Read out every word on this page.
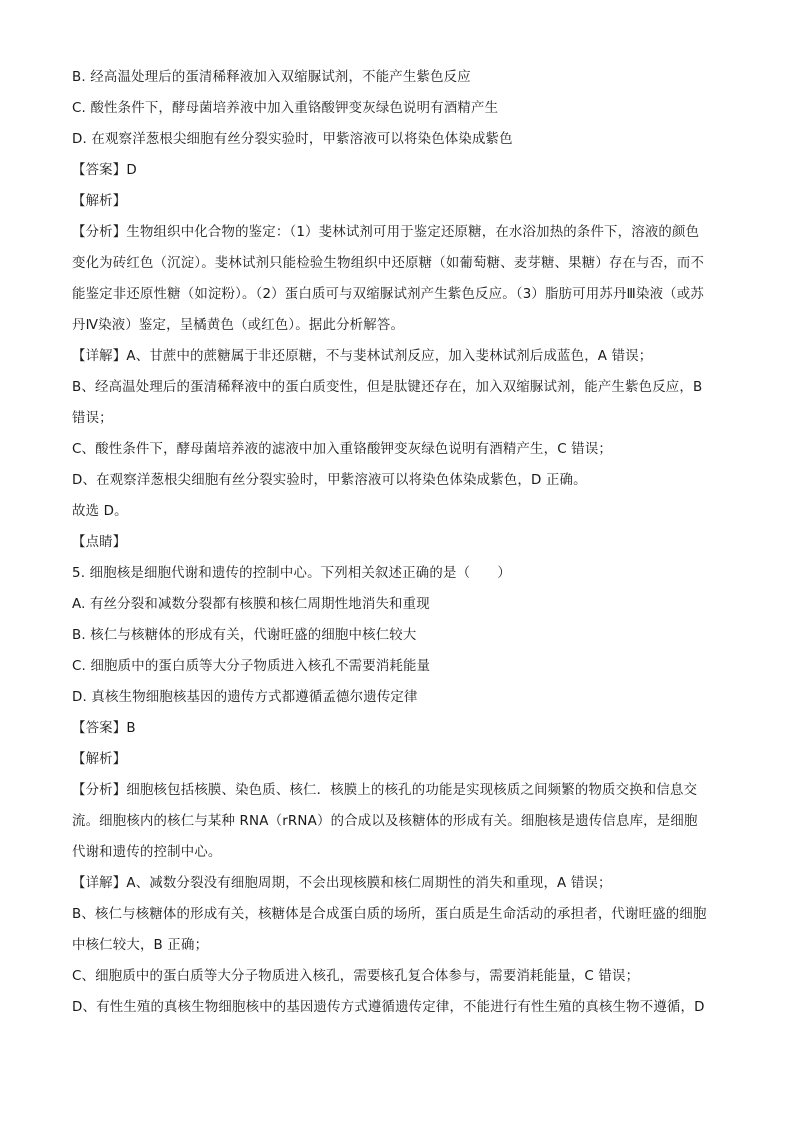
B. 经高温处理后的蛋清稀释液加入双缩脲试剂，不能产生紫色反应
C. 酸性条件下，酵母菌培养液中加入重铬酸钾变灰绿色说明有酒精产生
D. 在观察洋葱根尖细胞有丝分裂实验时，甲紫溶液可以将染色体染成紫色
【答案】D
【解析】
【分析】生物组织中化合物的鉴定：（1）斐林试剂可用于鉴定还原糖，在水浴加热的条件下，溶液的颜色
变化为砖红色（沉淀）。斐林试剂只能检验生物组织中还原糖（如葡萄糖、麦芽糖、果糖）存在与否，而不
能鉴定非还原性糖（如淀粉）。（2）蛋白质可与双缩脲试剂产生紫色反应。（3）脂肪可用苏丹Ⅲ染液（或苏
丹Ⅳ染液）鉴定，呈橘黄色（或红色）。据此分析解答。
【详解】A、甘蔗中的蔗糖属于非还原糖，不与斐林试剂反应，加入斐林试剂后成蓝色，A 错误；
B、经高温处理后的蛋清稀释液中的蛋白质变性，但是肽键还存在，加入双缩脲试剂，能产生紫色反应，B
错误；
C、酸性条件下，酵母菌培养液的滤液中加入重铬酸钾变灰绿色说明有酒精产生，C 错误；
D、在观察洋葱根尖细胞有丝分裂实验时，甲紫溶液可以将染色体染成紫色，D 正确。
故选 D。
【点睛】
5. 细胞核是细胞代谢和遗传的控制中心。下列相关叙述正确的是（　　）
A. 有丝分裂和减数分裂都有核膜和核仁周期性地消失和重现
B. 核仁与核糖体的形成有关，代谢旺盛的细胞中核仁较大
C. 细胞质中的蛋白质等大分子物质进入核孔不需要消耗能量
D. 真核生物细胞核基因的遗传方式都遵循孟德尔遗传定律
【答案】B
【解析】
【分析】细胞核包括核膜、染色质、核仁．核膜上的核孔的功能是实现核质之间频繁的物质交换和信息交
流。细胞核内的核仁与某种 RNA（rRNA）的合成以及核糖体的形成有关。细胞核是遗传信息库，是细胞
代谢和遗传的控制中心。
【详解】A、减数分裂没有细胞周期，不会出现核膜和核仁周期性的消失和重现，A 错误；
B、核仁与核糖体的形成有关，核糖体是合成蛋白质的场所，蛋白质是生命活动的承担者，代谢旺盛的细胞
中核仁较大，B 正确；
C、细胞质中的蛋白质等大分子物质进入核孔，需要核孔复合体参与，需要消耗能量，C 错误；
D、有性生殖的真核生物细胞核中的基因遗传方式遵循遗传定律，不能进行有性生殖的真核生物不遵循，D
